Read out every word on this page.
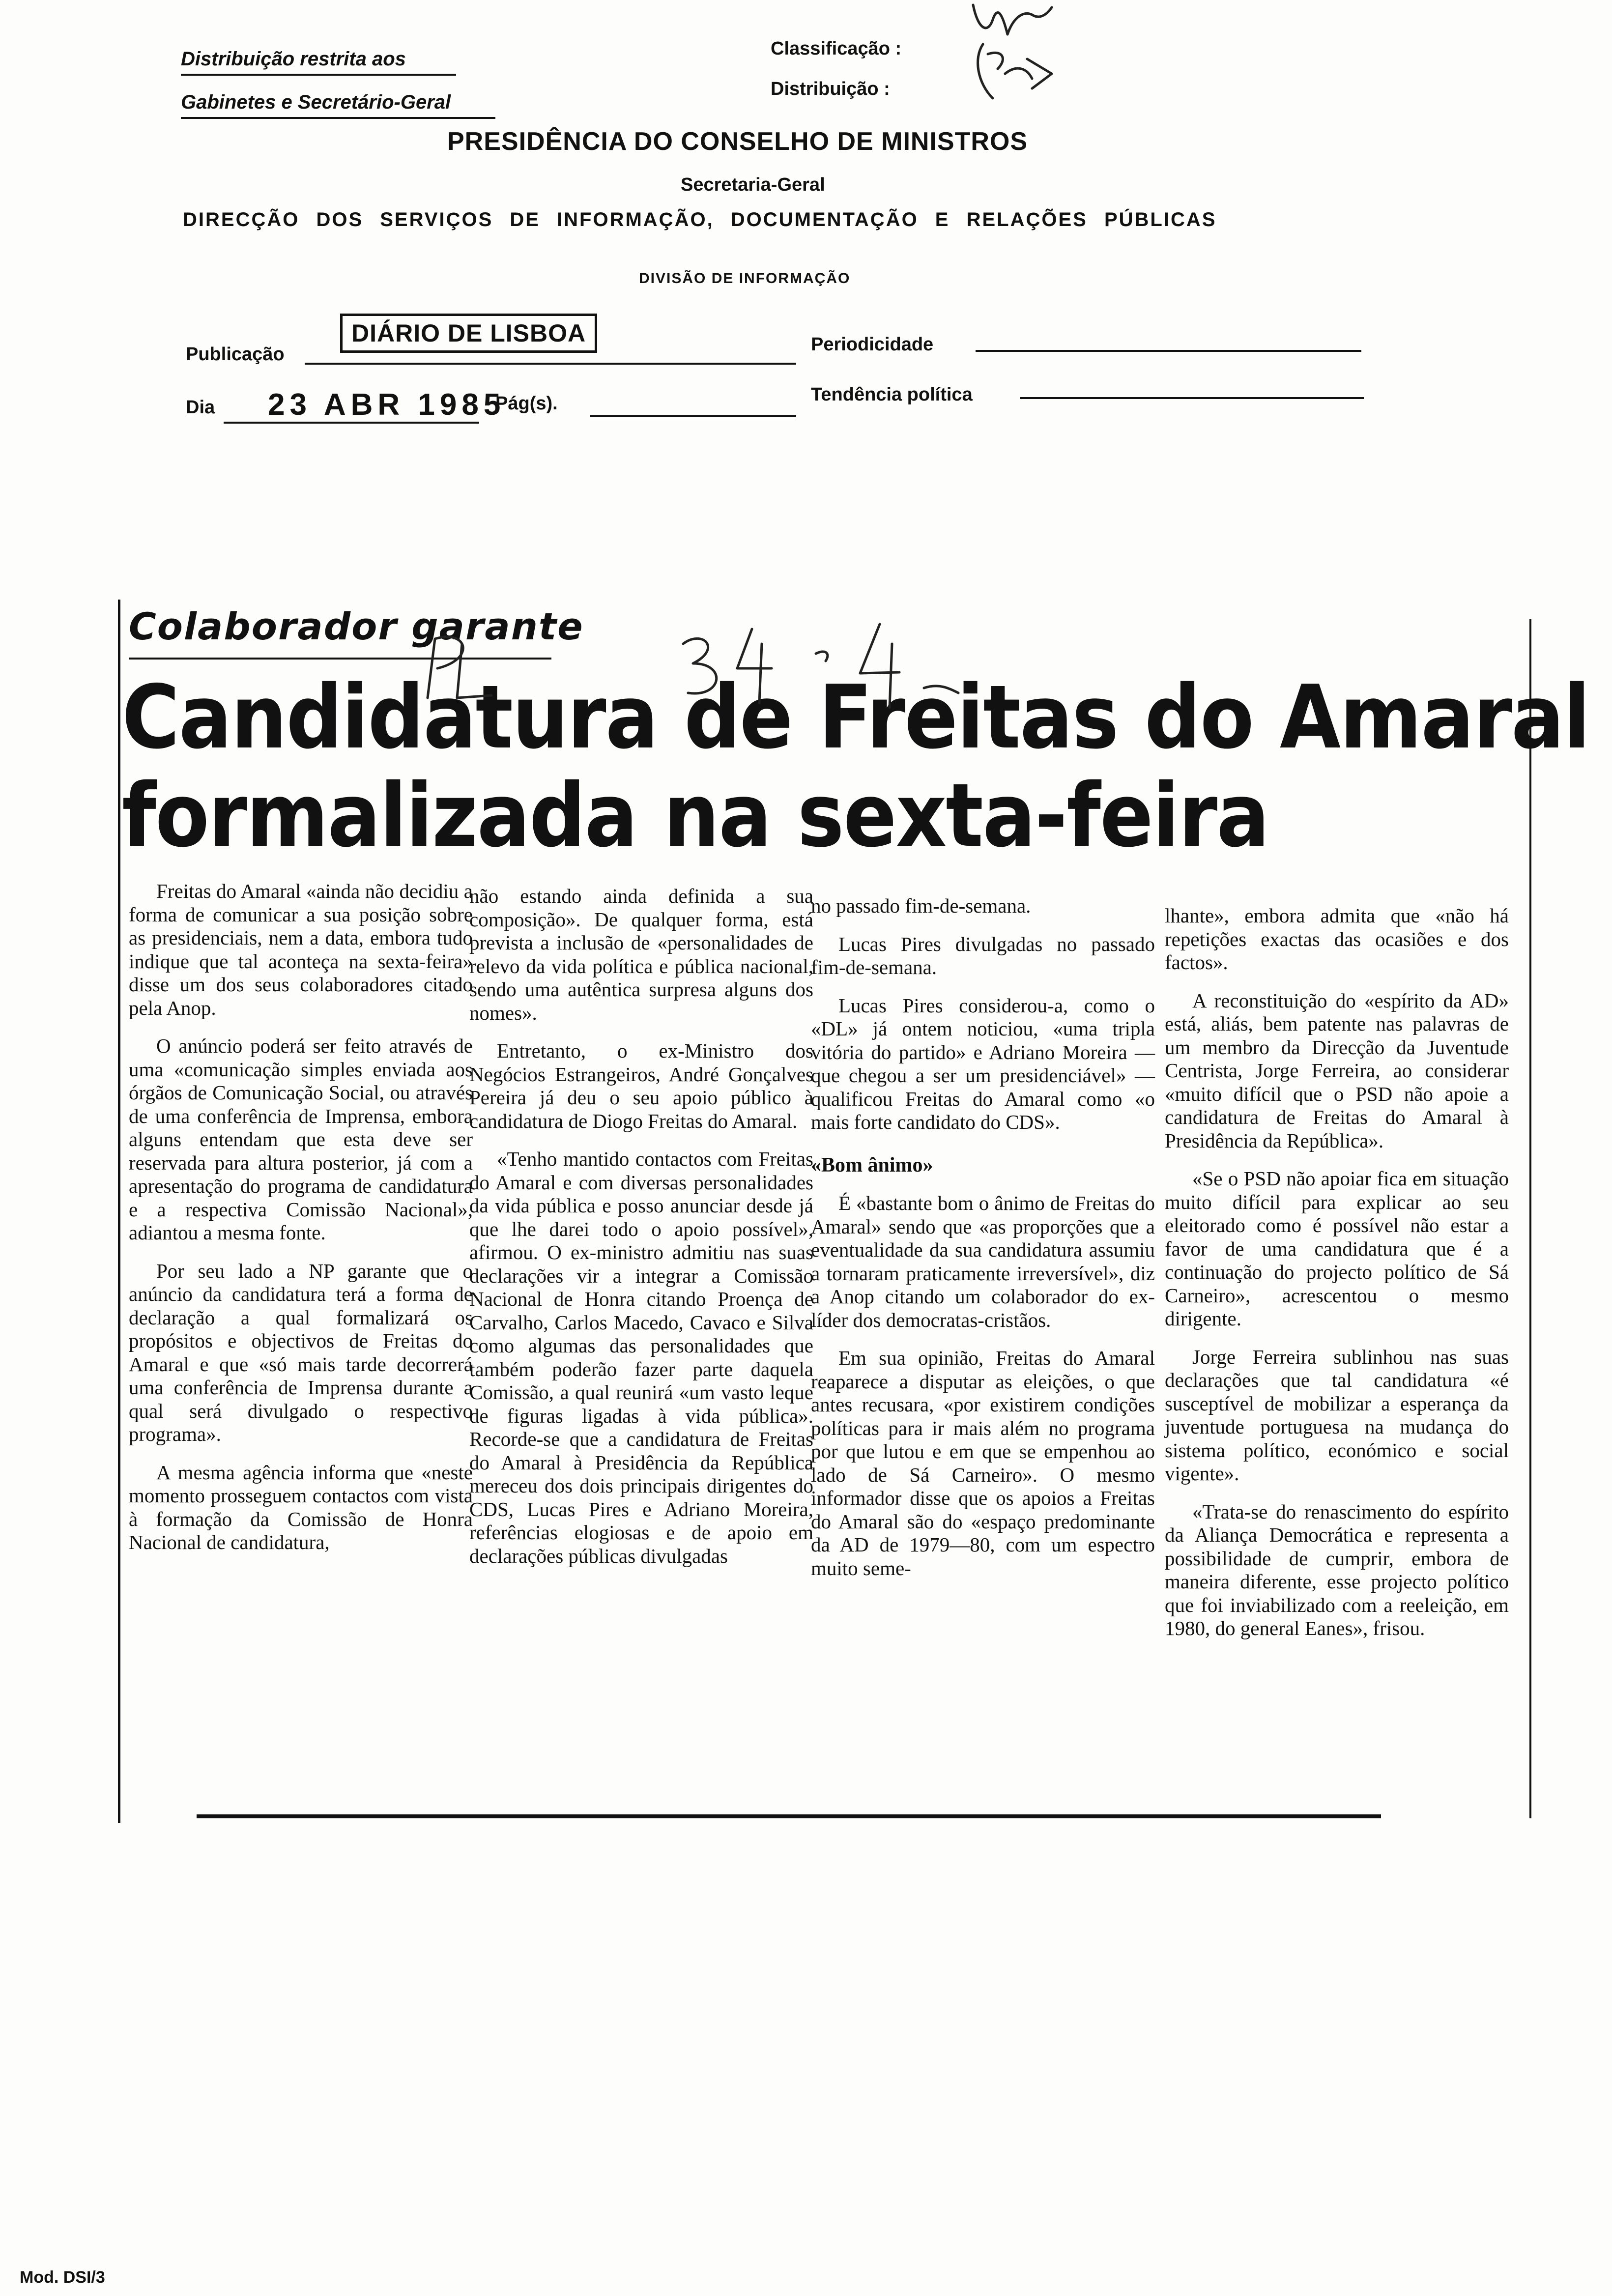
Distribuição restrita aos
Gabinetes e Secretário-Geral
Classificação :
Distribuição :
PRESIDÊNCIA DO CONSELHO DE MINISTROS
Secretaria-Geral
DIRECÇÃO DOS SERVIÇOS DE INFORMAÇÃO, DOCUMENTAÇÃO E RELAÇÕES PÚBLICAS
DIVISÃO DE INFORMAÇÃO
Publicação
DIÁRIO DE LISBOA	Periodicidade
Dia 23 ABR 1985
Pág(s).	Tendência política
Colaborador garante
Candidatura de Freitas do Amaral
formalizada na sexta-feira

Freitas do Amaral «ainda não decidiu a forma de comunicar a sua posição sobre as presidenciais, nem a data, embora tudo indique que tal aconteça na sexta-feira» disse um dos seus colaboradores citado pela Anop.

O anúncio poderá ser feito através de uma «comunicação simples enviada aos órgãos de Comunicação Social, ou através de uma conferência de Imprensa, embora alguns entendam que esta deve ser reservada para altura posterior, já com a apresentação do programa de candidatura e a respectiva Comissão Nacional», adiantou a mesma fonte.

Por seu lado a NP garante que o anúncio da candidatura terá a forma de declaração a qual formalizará os propósitos e objectivos de Freitas do Amaral e que «só mais tarde decorrerá uma conferência de Imprensa durante a qual será divulgado o respectivo programa».

A mesma agência informa que «neste momento prosseguem contactos com vista à formação da Comissão de Honra Nacional de candidatura,

não estando ainda definida a sua composição». De qualquer forma, está prevista a inclusão de «personalidades de relevo da vida política e pública nacional, sendo uma autêntica surpresa alguns dos nomes».

Entretanto, o ex-Ministro dos Negócios Estrangeiros, André Gonçalves Pereira já deu o seu apoio público à candidatura de Diogo Freitas do Amaral.

«Tenho mantido contactos com Freitas do Amaral e com diversas personalidades da vida pública e posso anunciar desde já que lhe darei todo o apoio possível», afirmou. O ex-ministro admitiu nas suas declarações vir a integrar a Comissão Nacional de Honra citando Proença de Carvalho, Carlos Macedo, Cavaco e Silva como algumas das personalidades que também poderão fazer parte daquela Comissão, a qual reunirá «um vasto leque de figuras ligadas à vida pública». Recorde-se que a candidatura de Freitas do Amaral à Presidência da República mereceu dos dois principais dirigentes do CDS, Lucas Pires e Adriano Moreira, referências elogiosas e de apoio em declarações públicas divulgadas

no passado fim-de-semana.

Lucas Pires divulgadas no passado fim-de-semana.

Lucas Pires considerou-a, como o «DL» já ontem noticiou, «uma tripla vitória do partido» e Adriano Moreira — que chegou a ser um presidenciável» — qualificou Freitas do Amaral como «o mais forte candidato do CDS».

«Bom ânimo»

É «bastante bom o ânimo de Freitas do Amaral» sendo que «as proporções que a eventualidade da sua candidatura assumiu a tornaram praticamente irreversível», diz a Anop citando um colaborador do ex-líder dos democratas-cristãos.

Em sua opinião, Freitas do Amaral reaparece a disputar as eleições, o que antes recusara, «por existirem condições políticas para ir mais além no programa por que lutou e em que se empenhou ao lado de Sá Carneiro». O mesmo informador disse que os apoios a Freitas do Amaral são do «espaço predominante da AD de 1979—80, com um espectro muito seme-

lhante», embora admita que «não há repetições exactas das ocasiões e dos factos».

A reconstituição do «espírito da AD» está, aliás, bem patente nas palavras de um membro da Direcção da Juventude Centrista, Jorge Ferreira, ao considerar «muito difícil que o PSD não apoie a candidatura de Freitas do Amaral à Presidência da República».

«Se o PSD não apoiar fica em situação muito difícil para explicar ao seu eleitorado como é possível não estar a favor de uma candidatura que é a continuação do projecto político de Sá Carneiro», acrescentou o mesmo dirigente.

Jorge Ferreira sublinhou nas suas declarações que tal candidatura «é susceptível de mobilizar a esperança da juventude portuguesa na mudança do sistema político, económico e social vigente».

«Trata-se do renascimento do espírito da Aliança Democrática e representa a possibilidade de cumprir, embora de maneira diferente, esse projecto político que foi inviabilizado com a reeleição, em 1980, do general Eanes», frisou.

Mod. DSI/3
